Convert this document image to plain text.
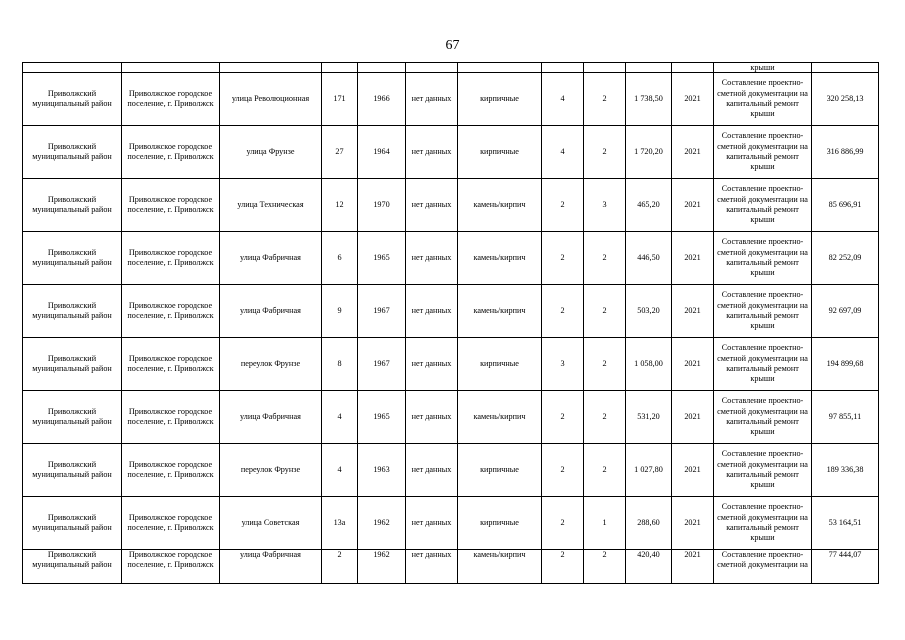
67
											крыши	
Приволжский муниципальный район	Приволжское городское поселение, г. Приволжск	улица Революционная	171	1966	нет данных	кирпичные	4	2	1 738,50	2021	Составление проектно-сметной документации на капитальный ремонт крыши	320 258,13
Приволжский муниципальный район	Приволжское городское поселение, г. Приволжск	улица Фрунзе	27	1964	нет данных	кирпичные	4	2	1 720,20	2021	Составление проектно-сметной документации на капитальный ремонт крыши	316 886,99
Приволжский муниципальный район	Приволжское городское поселение, г. Приволжск	улица Техническая	12	1970	нет данных	камень/кирпич	2	3	465,20	2021	Составление проектно-сметной документации на капитальный ремонт крыши	85 696,91
Приволжский муниципальный район	Приволжское городское поселение, г. Приволжск	улица Фабричная	6	1965	нет данных	камень/кирпич	2	2	446,50	2021	Составление проектно-сметной документации на капитальный ремонт крыши	82 252,09
Приволжский муниципальный район	Приволжское городское поселение, г. Приволжск	улица Фабричная	9	1967	нет данных	камень/кирпич	2	2	503,20	2021	Составление проектно-сметной документации на капитальный ремонт крыши	92 697,09
Приволжский муниципальный район	Приволжское городское поселение, г. Приволжск	переулок Фрунзе	8	1967	нет данных	кирпичные	3	2	1 058,00	2021	Составление проектно-сметной документации на капитальный ремонт крыши	194 899,68
Приволжский муниципальный район	Приволжское городское поселение, г. Приволжск	улица Фабричная	4	1965	нет данных	камень/кирпич	2	2	531,20	2021	Составление проектно-сметной документации на капитальный ремонт крыши	97 855,11
Приволжский муниципальный район	Приволжское городское поселение, г. Приволжск	переулок Фрунзе	4	1963	нет данных	кирпичные	2	2	1 027,80	2021	Составление проектно-сметной документации на капитальный ремонт крыши	189 336,38
Приволжский муниципальный район	Приволжское городское поселение, г. Приволжск	улица Советская	13а	1962	нет данных	кирпичные	2	1	288,60	2021	Составление проектно-сметной документации на капитальный ремонт крыши	53 164,51
Приволжский муниципальный район	Приволжское городское поселение, г. Приволжск	улица Фабричная	2	1962	нет данных	камень/кирпич	2	2	420,40	2021	Составление проектно-сметной документации на	77 444,07
